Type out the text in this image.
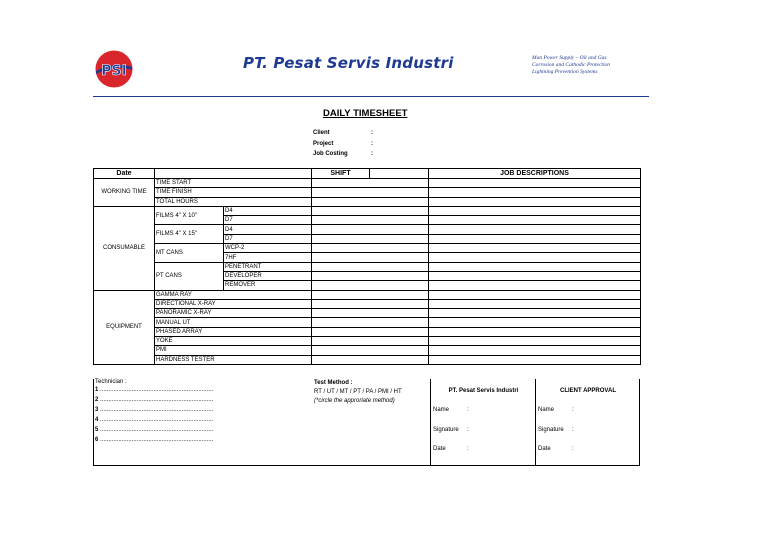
PSI	PT. Pesat Servis Industri	Man Power Supply – Oil and Gas
Corrosion and Cathodic Protection
Lightning Prevention Systems
DAILY TIMESHEET
Client	:
Project	:
Job Costing	:
Date			SHIFT		JOB DESCRIPTIONS
WORKING TIME	TIME START				
	TIME FINISH				
	TOTAL HOURS				
CONSUMABLE	FILMS 4" X 10"	D4			
		D7			
	FILMS 4" X 15"	D4			
		D7			
	MT CANS	WCP-2			
		7HF			
	PT CANS	PENETRANT			
		DEVELOPER			
		REMOVER			
EQUIPMENT	GAMMA RAY				
	DIRECTIONAL X-RAY				
	PANORAMIC X-RAY				
	MANUAL UT				
	PHASED ARRAY				
	YOKE				
	PMI				
	HARDNESS TESTER				
Technician :
1 ....................................................................
2 ....................................................................
3 ....................................................................
4 ....................................................................
5 ....................................................................
6 ....................................................................
Test Method :
RT / UT / MT / PT / PA / PMI / HT
(*circle the approriate method)
PT. Pesat Servis Industri
Name	:
Signature :
Date	:
CLIENT APPROVAL
Name	:
Signature :
Date	:
